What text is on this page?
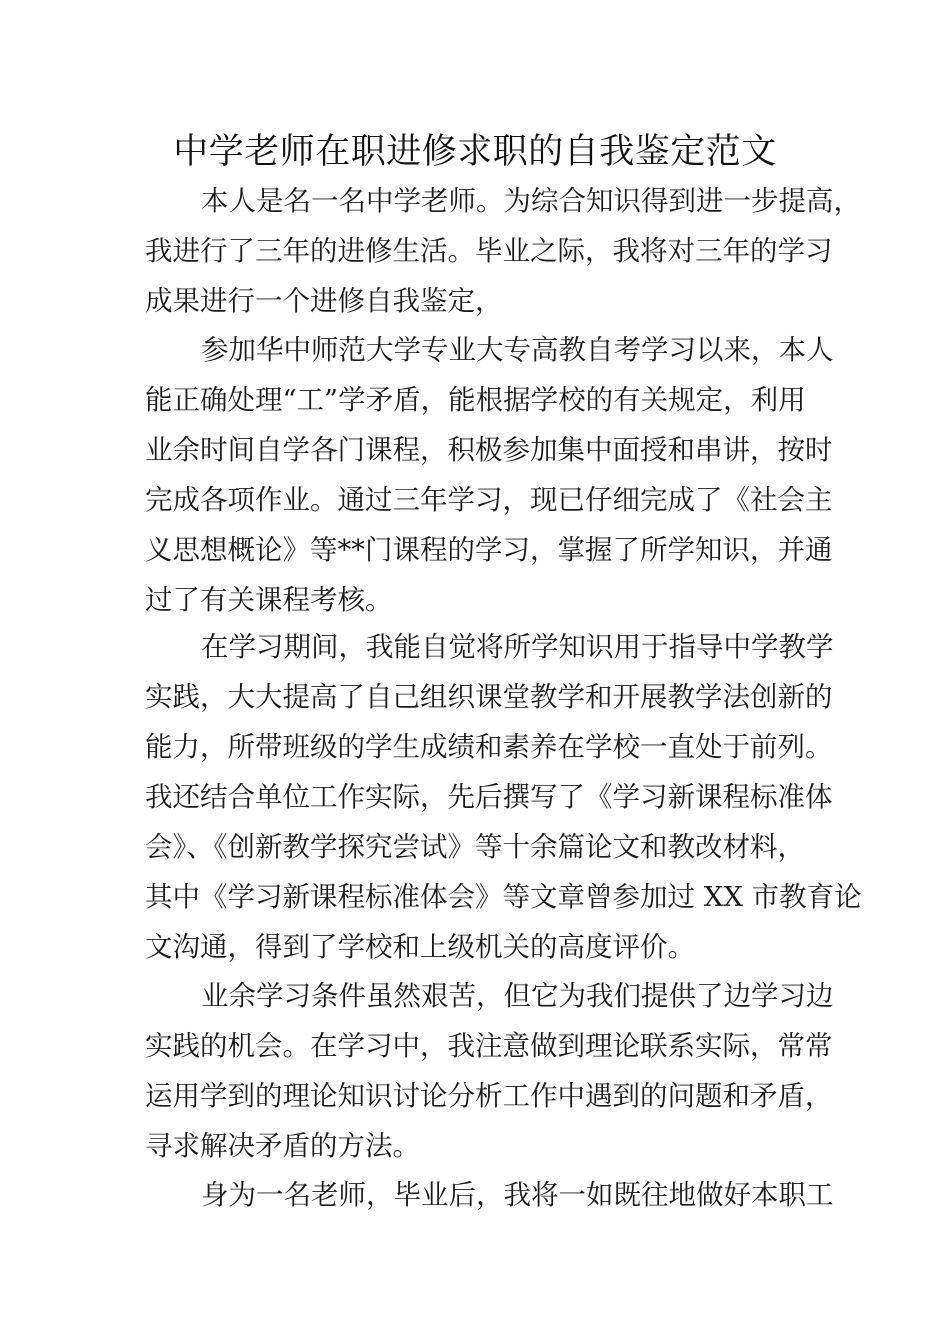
中学老师在职进修求职的自我鉴定范文
本人是名一名中学老师。为综合知识得到进一步提高，
我进行了三年的进修生活。毕业之际，我将对三年的学习
成果进行一个进修自我鉴定，
参加华中师范大学专业大专高教自考学习以来，本人
能正确处理“工”学矛盾，能根据学校的有关规定，利用
业余时间自学各门课程，积极参加集中面授和串讲，按时
完成各项作业。通过三年学习，现已仔细完成了《社会主
义思想概论》等**门课程的学习，掌握了所学知识，并通
过了有关课程考核。
在学习期间，我能自觉将所学知识用于指导中学教学
实践，大大提高了自己组织课堂教学和开展教学法创新的
能力，所带班级的学生成绩和素养在学校一直处于前列。
我还结合单位工作实际，先后撰写了《学习新课程标准体
会》、《创新教学探究尝试》等十余篇论文和教改材料，
其中《学习新课程标准体会》等文章曾参加过 XX 市教育论
文沟通，得到了学校和上级机关的高度评价。
业余学习条件虽然艰苦，但它为我们提供了边学习边
实践的机会。在学习中，我注意做到理论联系实际，常常
运用学到的理论知识讨论分析工作中遇到的问题和矛盾，
寻求解决矛盾的方法。
身为一名老师，毕业后，我将一如既往地做好本职工
